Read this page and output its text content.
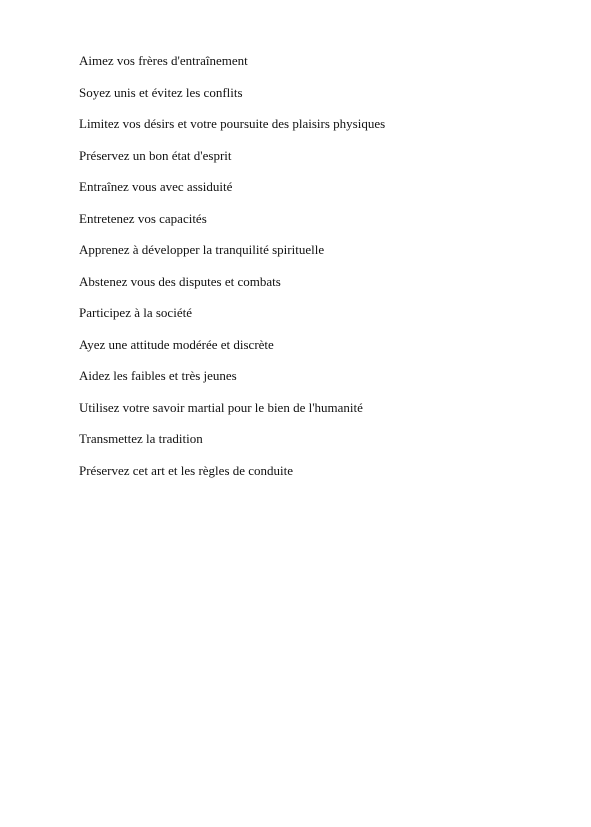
Aimez vos frères d'entraînement
Soyez unis et évitez les conflits
Limitez vos désirs et votre poursuite des plaisirs physiques
Préservez un bon état d'esprit
Entraînez vous avec assiduité
Entretenez vos capacités
Apprenez à développer la tranquilité spirituelle
Abstenez vous des disputes et combats
Participez à la société
Ayez une attitude modérée et discrète
Aidez les faibles et très jeunes
Utilisez votre savoir martial pour le bien de l'humanité
Transmettez la tradition
Préservez cet art et les règles de conduite
